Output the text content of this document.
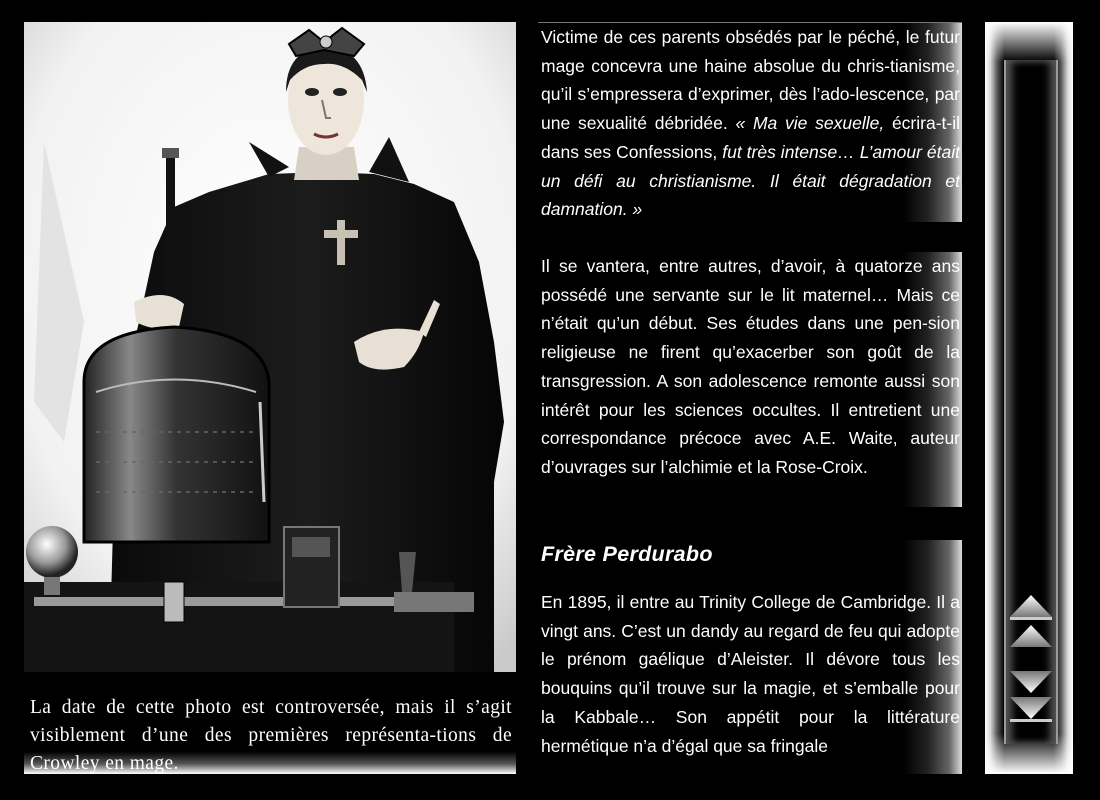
La date de cette photo est controversée, mais il s’agit visiblement d’une des premières représenta-tions de Crowley en mage.

Victime de ces parents obsédés par le péché, le futur mage concevra une haine absolue du chris-tianisme, qu’il s’empressera d’exprimer, dès l’ado-lescence, par une sexualité débridée. « Ma vie sexuelle, écrira-t-il dans ses Confessions, fut très intense… L’amour était un défi au christianisme. Il était dégradation et damnation. »

Il se vantera, entre autres, d’avoir, à quatorze ans possédé une servante sur le lit maternel… Mais ce n’était qu’un début. Ses études dans une pen-sion religieuse ne firent qu’exacerber son goût de la transgression. A son adolescence remonte aussi son intérêt pour les sciences occultes. Il entretient une correspondance précoce avec A.E. Waite, auteur d’ouvrages sur l’alchimie et la Rose-Croix.

Frère Perdurabo

En 1895, il entre au Trinity College de Cambridge. Il a vingt ans. C’est un dandy au regard de feu qui adopte le prénom gaélique d’Aleister. Il dévore tous les bouquins qu’il trouve sur la magie, et s’emballe pour la Kabbale… Son appétit pour la littérature hermétique n’a d’égal que sa fringale
